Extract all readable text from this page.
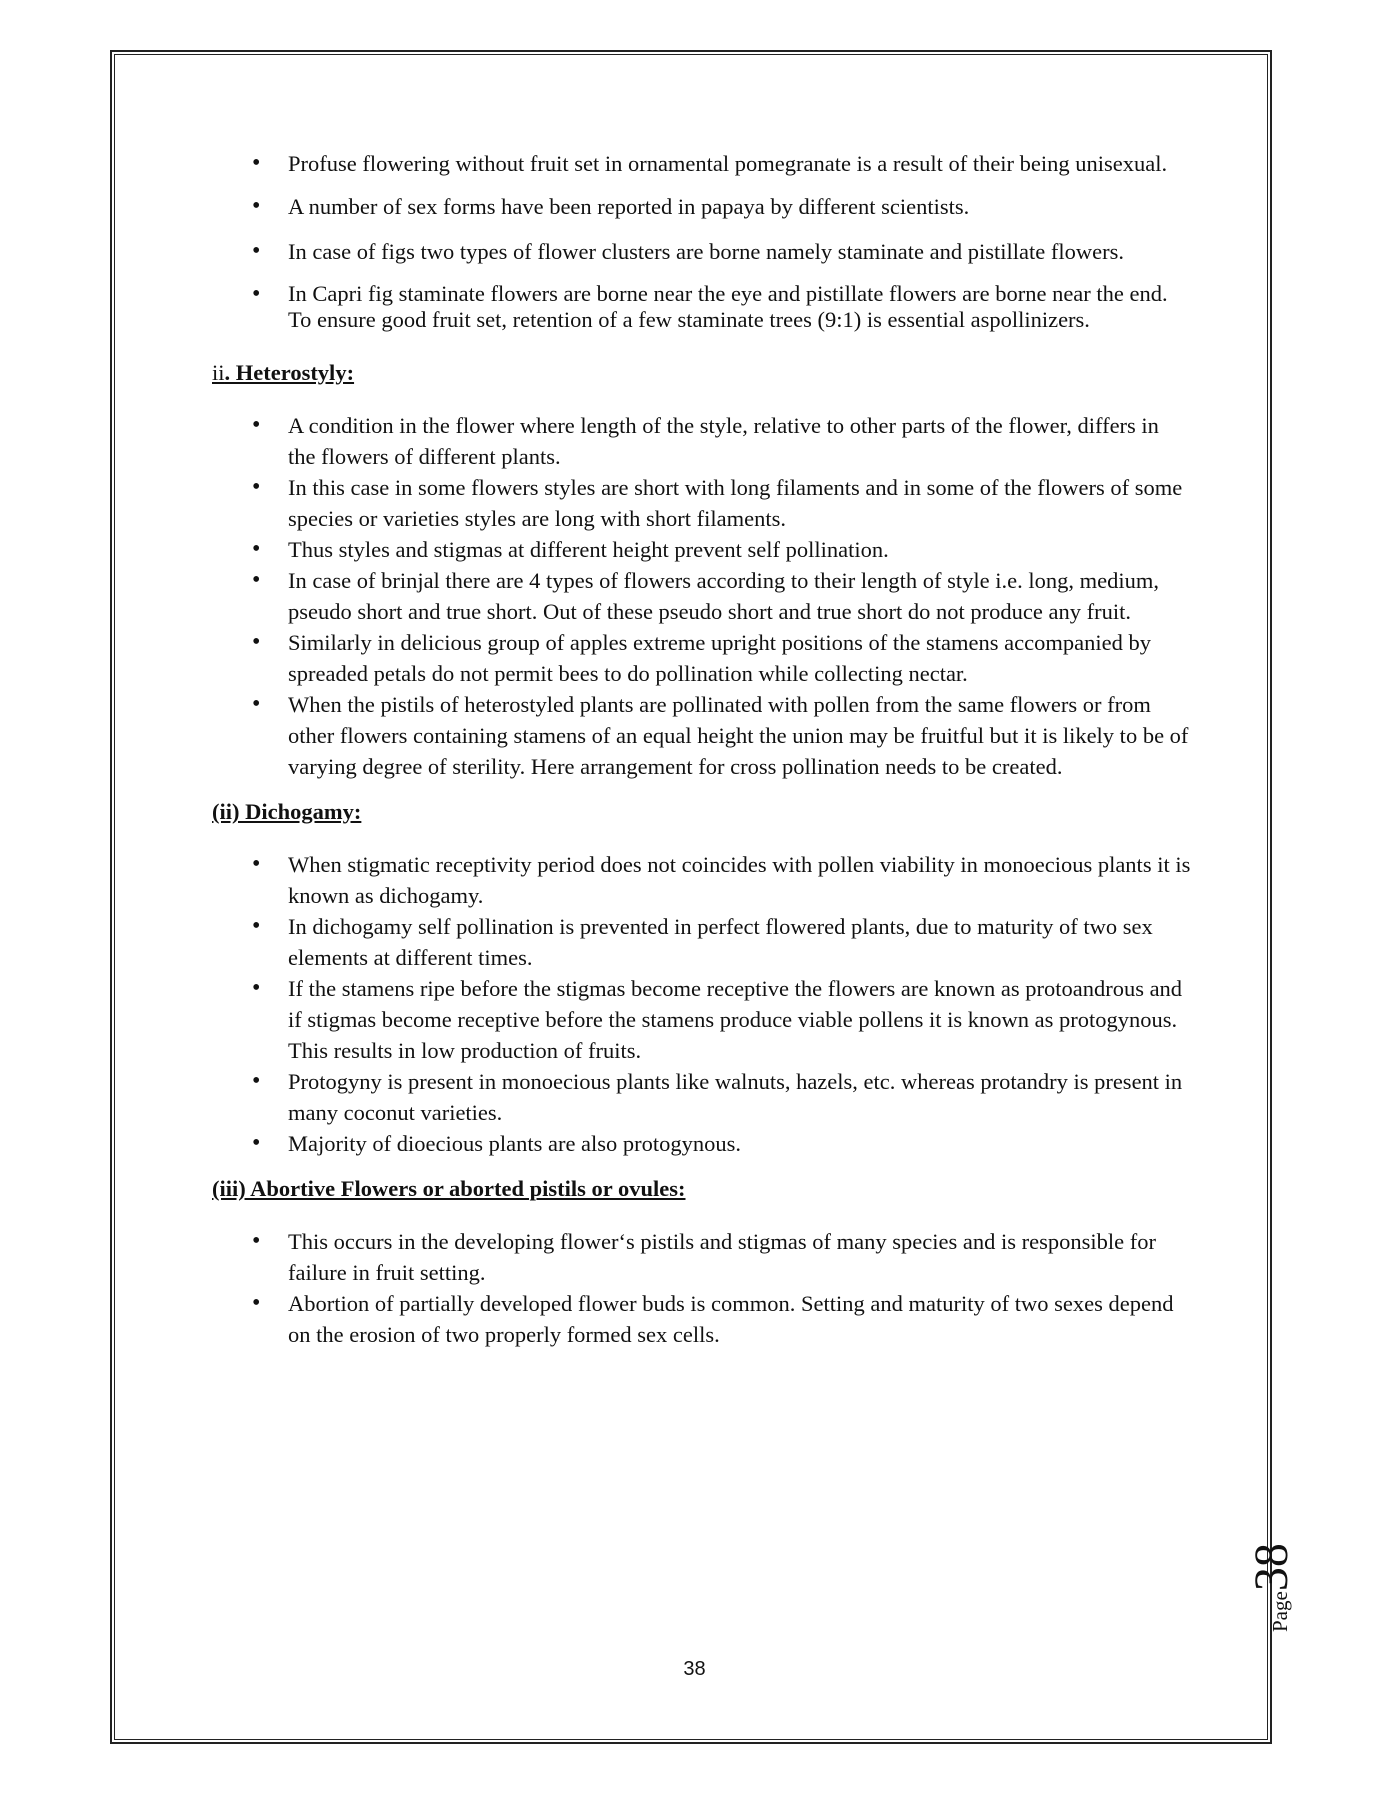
• Profuse flowering without fruit set in ornamental pomegranate is a result of their being unisexual.
• A number of sex forms have been reported in papaya by different scientists.
• In case of figs two types of flower clusters are borne namely staminate and pistillate flowers.
• In Capri fig staminate flowers are borne near the eye and pistillate flowers are borne near the end. To ensure good fruit set, retention of a few staminate trees (9:1) is essential aspollinizers.

ii. Heterostyly:

• A condition in the flower where length of the style, relative to other parts of the flower, differs in the flowers of different plants.
• In this case in some flowers styles are short with long filaments and in some of the flowers of some species or varieties styles are long with short filaments.
• Thus styles and stigmas at different height prevent self pollination.
• In case of brinjal there are 4 types of flowers according to their length of style i.e. long, medium, pseudo short and true short. Out of these pseudo short and true short do not produce any fruit.
• Similarly in delicious group of apples extreme upright positions of the stamens accompanied by spreaded petals do not permit bees to do pollination while collecting nectar.
• When the pistils of heterostyled plants are pollinated with pollen from the same flowers or from other flowers containing stamens of an equal height the union may be fruitful but it is likely to be of varying degree of sterility. Here arrangement for cross pollination needs to be created.

(ii) Dichogamy:

• When stigmatic receptivity period does not coincides with pollen viability in monoecious plants it is known as dichogamy.
• In dichogamy self pollination is prevented in perfect flowered plants, due to maturity of two sex elements at different times.
• If the stamens ripe before the stigmas become receptive the flowers are known as protoandrous and if stigmas become receptive before the stamens produce viable pollens it is known as protogynous. This results in low production of fruits.
• Protogyny is present in monoecious plants like walnuts, hazels, etc. whereas protandry is present in many coconut varieties.
• Majority of dioecious plants are also protogynous.

(iii) Abortive Flowers or aborted pistils or ovules:

• This occurs in the developing flower‘s pistils and stigmas of many species and is responsible for failure in fruit setting.
• Abortion of partially developed flower buds is common. Setting and maturity of two sexes depend on the erosion of two properly formed sex cells.
Page38
38
